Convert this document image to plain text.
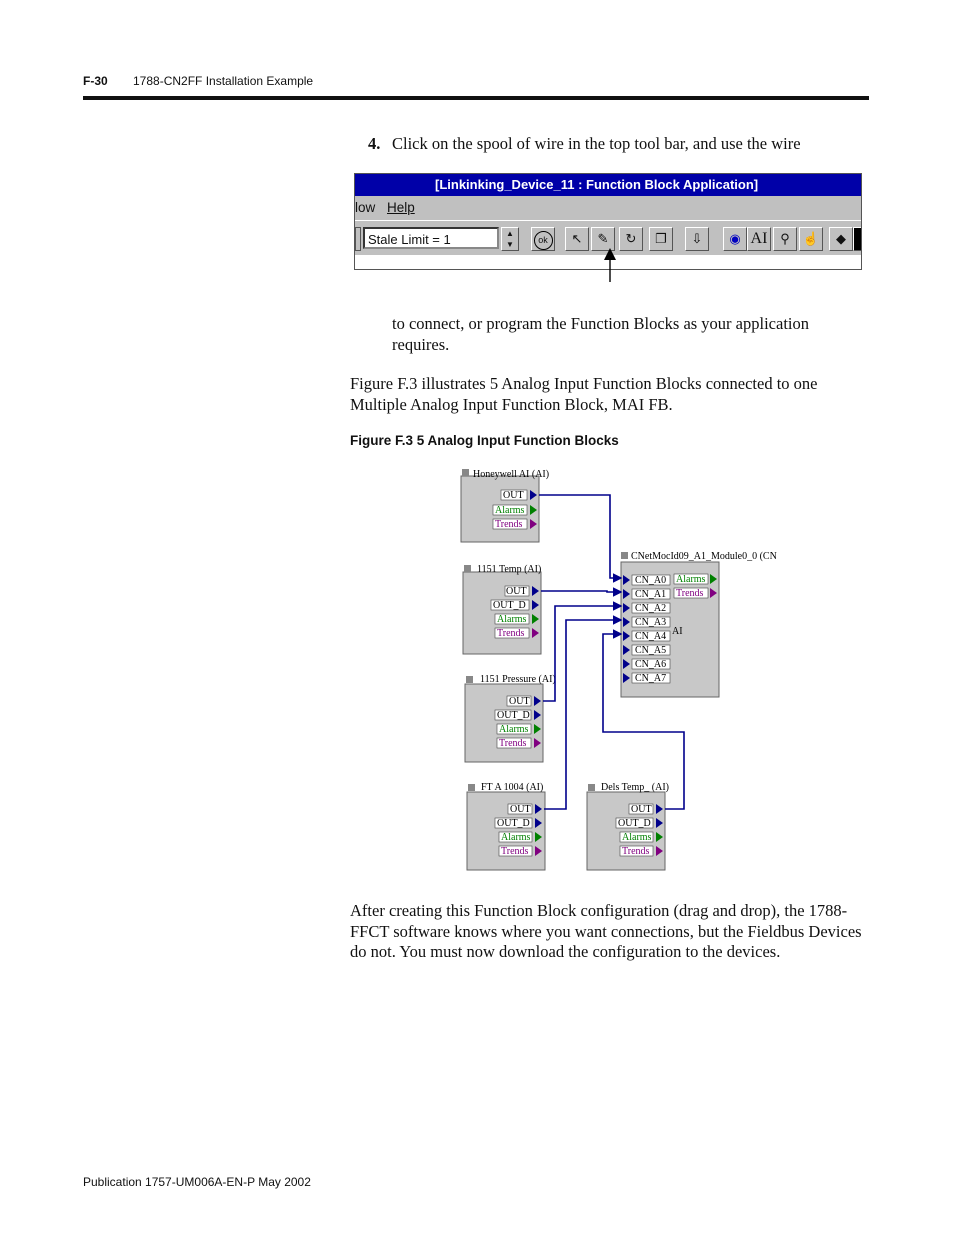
F-30 1788-CN2FF Installation Example
4. Click on the spool of wire in the top tool bar, and use the wire
[Linkinking_Device_11 : Function Block Application]
low Help
Stale Limit = 1	▲
▼	ok	↖	✎	↻	❐	⇩	◉ AI ⚲	☝	◆
to connect, or program the Function Blocks as your application requires.
Figure F.3 illustrates 5 Analog Input Function Blocks connected to one Multiple Analog Input Function Block, MAI FB.
Figure F.3 5 Analog Input Function Blocks
Honeywell AI (AI)
OUT
Alarms
Trends
1151 Temp (AI)
OUT
OUT_D
Alarms
Trends
1151 Pressure (AI)
OUT
OUT_D
Alarms
Trends
FT A 1004 (AI)
OUT
OUT_D
Alarms
Trends
Dels Temp_ (AI)
OUT
OUT_D
Alarms
Trends
CNetMocId09_A1_Module0_0 (CN
CN_A0
CN_A1
CN_A2
CN_A3
CN_A4
CN_A5
CN_A6
CN_A7
Alarms
Trends
AI
After creating this Function Block configuration (drag and drop), the 1788-FFCT software knows where you want connections, but the Fieldbus Devices do not. You must now download the configuration to the devices.
Publication 1757-UM006A-EN-P May 2002
